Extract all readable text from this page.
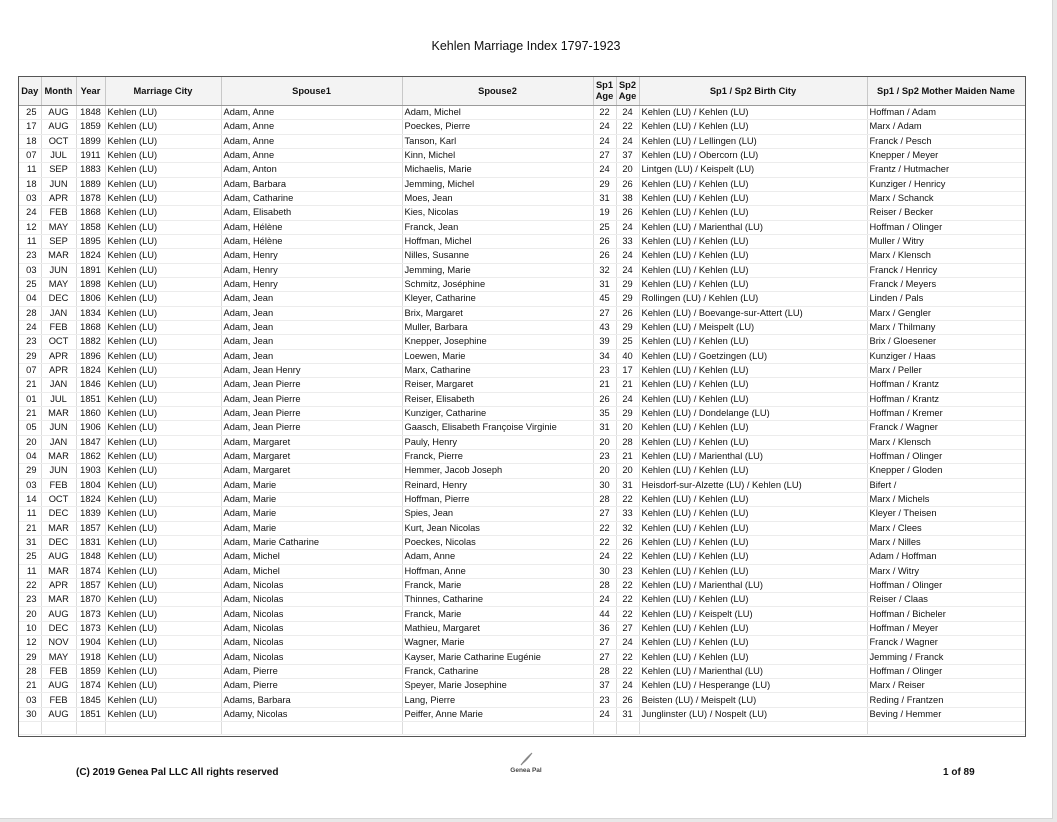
Kehlen Marriage Index 1797-1923
Day	Month	Year	Marriage City	Spouse1	Spouse2	Sp1
Age	Sp2
Age	Sp1 / Sp2 Birth City	Sp1 / Sp2 Mother Maiden Name
25	AUG	1848	Kehlen (LU)	Adam, Anne	Adam, Michel	22	24	Kehlen (LU) / Kehlen (LU)	Hoffman / Adam
17	AUG	1859	Kehlen (LU)	Adam, Anne	Poeckes, Pierre	24	22	Kehlen (LU) / Kehlen (LU)	Marx / Adam
18	OCT	1899	Kehlen (LU)	Adam, Anne	Tanson, Karl	24	24	Kehlen (LU) / Lellingen (LU)	Franck / Pesch
07	JUL	1911	Kehlen (LU)	Adam, Anne	Kinn, Michel	27	37	Kehlen (LU) / Obercorn (LU)	Knepper / Meyer
11	SEP	1883	Kehlen (LU)	Adam, Anton	Michaelis, Marie	24	20	Lintgen (LU) / Keispelt (LU)	Frantz / Hutmacher
18	JUN	1889	Kehlen (LU)	Adam, Barbara	Jemming, Michel	29	26	Kehlen (LU) / Kehlen (LU)	Kunziger / Henricy
03	APR	1878	Kehlen (LU)	Adam, Catharine	Moes, Jean	31	38	Kehlen (LU) / Kehlen (LU)	Marx / Schanck
24	FEB	1868	Kehlen (LU)	Adam, Elisabeth	Kies, Nicolas	19	26	Kehlen (LU) / Kehlen (LU)	Reiser / Becker
12	MAY	1858	Kehlen (LU)	Adam, Hélène	Franck, Jean	25	24	Kehlen (LU) / Marienthal (LU)	Hoffman / Olinger
11	SEP	1895	Kehlen (LU)	Adam, Hélène	Hoffman, Michel	26	33	Kehlen (LU) / Kehlen (LU)	Muller / Witry
23	MAR	1824	Kehlen (LU)	Adam, Henry	Nilles, Susanne	26	24	Kehlen (LU) / Kehlen (LU)	Marx / Klensch
03	JUN	1891	Kehlen (LU)	Adam, Henry	Jemming, Marie	32	24	Kehlen (LU) / Kehlen (LU)	Franck / Henricy
25	MAY	1898	Kehlen (LU)	Adam, Henry	Schmitz, Joséphine	31	29	Kehlen (LU) / Kehlen (LU)	Franck / Meyers
04	DEC	1806	Kehlen (LU)	Adam, Jean	Kleyer, Catharine	45	29	Rollingen (LU) / Kehlen (LU)	Linden / Pals
28	JAN	1834	Kehlen (LU)	Adam, Jean	Brix, Margaret	27	26	Kehlen (LU) / Boevange-sur-Attert (LU)	Marx / Gengler
24	FEB	1868	Kehlen (LU)	Adam, Jean	Muller, Barbara	43	29	Kehlen (LU) / Meispelt (LU)	Marx / Thilmany
23	OCT	1882	Kehlen (LU)	Adam, Jean	Knepper, Josephine	39	25	Kehlen (LU) / Kehlen (LU)	Brix / Gloesener
29	APR	1896	Kehlen (LU)	Adam, Jean	Loewen, Marie	34	40	Kehlen (LU) / Goetzingen (LU)	Kunziger / Haas
07	APR	1824	Kehlen (LU)	Adam, Jean Henry	Marx, Catharine	23	17	Kehlen (LU) / Kehlen (LU)	Marx / Peller
21	JAN	1846	Kehlen (LU)	Adam, Jean Pierre	Reiser, Margaret	21	21	Kehlen (LU) / Kehlen (LU)	Hoffman / Krantz
01	JUL	1851	Kehlen (LU)	Adam, Jean Pierre	Reiser, Elisabeth	26	24	Kehlen (LU) / Kehlen (LU)	Hoffman / Krantz
21	MAR	1860	Kehlen (LU)	Adam, Jean Pierre	Kunziger, Catharine	35	29	Kehlen (LU) / Dondelange (LU)	Hoffman / Kremer
05	JUN	1906	Kehlen (LU)	Adam, Jean Pierre	Gaasch, Elisabeth Françoise Virginie	31	20	Kehlen (LU) / Kehlen (LU)	Franck / Wagner
20	JAN	1847	Kehlen (LU)	Adam, Margaret	Pauly, Henry	20	28	Kehlen (LU) / Kehlen (LU)	Marx / Klensch
04	MAR	1862	Kehlen (LU)	Adam, Margaret	Franck, Pierre	23	21	Kehlen (LU) / Marienthal (LU)	Hoffman / Olinger
29	JUN	1903	Kehlen (LU)	Adam, Margaret	Hemmer, Jacob Joseph	20	20	Kehlen (LU) / Kehlen (LU)	Knepper / Gloden
03	FEB	1804	Kehlen (LU)	Adam, Marie	Reinard, Henry	30	31	Heisdorf-sur-Alzette (LU) / Kehlen (LU)	Bifert /
14	OCT	1824	Kehlen (LU)	Adam, Marie	Hoffman, Pierre	28	22	Kehlen (LU) / Kehlen (LU)	Marx / Michels
11	DEC	1839	Kehlen (LU)	Adam, Marie	Spies, Jean	27	33	Kehlen (LU) / Kehlen (LU)	Kleyer / Theisen
21	MAR	1857	Kehlen (LU)	Adam, Marie	Kurt, Jean Nicolas	22	32	Kehlen (LU) / Kehlen (LU)	Marx / Clees
31	DEC	1831	Kehlen (LU)	Adam, Marie Catharine	Poeckes, Nicolas	22	26	Kehlen (LU) / Kehlen (LU)	Marx / Nilles
25	AUG	1848	Kehlen (LU)	Adam, Michel	Adam, Anne	24	22	Kehlen (LU) / Kehlen (LU)	Adam / Hoffman
11	MAR	1874	Kehlen (LU)	Adam, Michel	Hoffman, Anne	30	23	Kehlen (LU) / Kehlen (LU)	Marx / Witry
22	APR	1857	Kehlen (LU)	Adam, Nicolas	Franck, Marie	28	22	Kehlen (LU) / Marienthal (LU)	Hoffman / Olinger
23	MAR	1870	Kehlen (LU)	Adam, Nicolas	Thinnes, Catharine	24	22	Kehlen (LU) / Kehlen (LU)	Reiser / Claas
20	AUG	1873	Kehlen (LU)	Adam, Nicolas	Franck, Marie	44	22	Kehlen (LU) / Keispelt (LU)	Hoffman / Bicheler
10	DEC	1873	Kehlen (LU)	Adam, Nicolas	Mathieu, Margaret	36	27	Kehlen (LU) / Kehlen (LU)	Hoffman / Meyer
12	NOV	1904	Kehlen (LU)	Adam, Nicolas	Wagner, Marie	27	24	Kehlen (LU) / Kehlen (LU)	Franck / Wagner
29	MAY	1918	Kehlen (LU)	Adam, Nicolas	Kayser, Marie Catharine Eugénie	27	22	Kehlen (LU) / Kehlen (LU)	Jemming / Franck
28	FEB	1859	Kehlen (LU)	Adam, Pierre	Franck, Catharine	28	22	Kehlen (LU) / Marienthal (LU)	Hoffman / Olinger
21	AUG	1874	Kehlen (LU)	Adam, Pierre	Speyer, Marie Josephine	37	24	Kehlen (LU) / Hesperange (LU)	Marx / Reiser
03	FEB	1845	Kehlen (LU)	Adams, Barbara	Lang, Pierre	23	26	Beisten (LU) / Meispelt (LU)	Reding / Frantzen
30	AUG	1851	Kehlen (LU)	Adamy, Nicolas	Peiffer, Anne Marie	24	31	Junglinster (LU) / Nospelt (LU)	Beving / Hemmer

(C) 2019 Genea Pal LLC All rights reserved	Genea Pal	1 of 89
